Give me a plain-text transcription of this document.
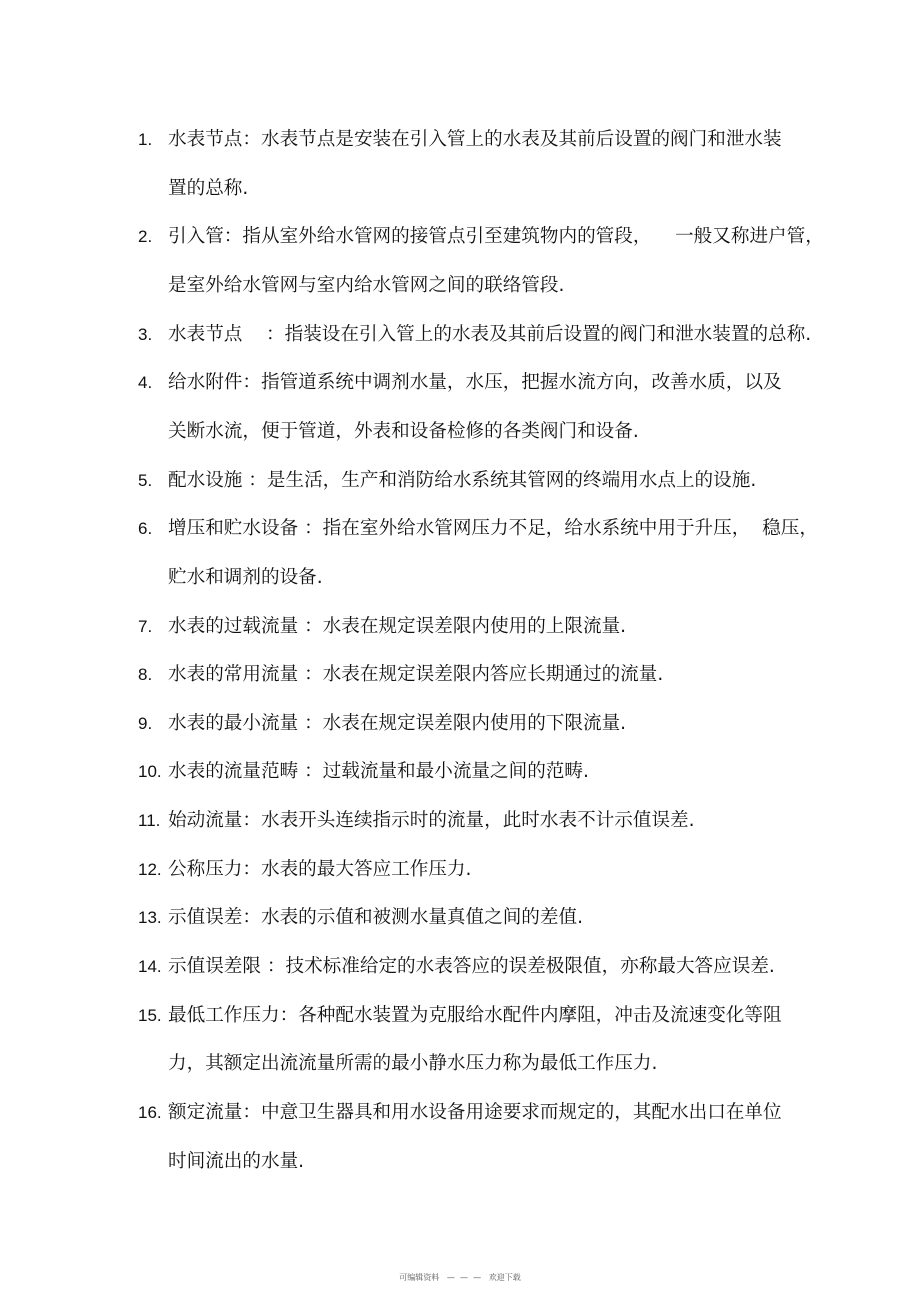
1. 水表节点：水表节点是安装在引入管上的水表及其前后设置的阀门和泄水装
置的总称.
2. 引入管：指从室外给水管网的接管点引至建筑物内的管段，    一般又称进户管，
是室外给水管网与室内给水管网之间的联络管段.
3. 水表节点    ：指装设在引入管上的水表及其前后设置的阀门和泄水装置的总称.
4. 给水附件：指管道系统中调剂水量，水压，把握水流方向，改善水质，以及
关断水流，便于管道，外表和设备检修的各类阀门和设备.
5. 配水设施 ：是生活，生产和消防给水系统其管网的终端用水点上的设施.
6. 增压和贮水设备 ：指在室外给水管网压力不足，给水系统中用于升压，  稳压，
贮水和调剂的设备.
7. 水表的过载流量 ：水表在规定误差限内使用的上限流量.
8. 水表的常用流量 ：水表在规定误差限内答应长期通过的流量.
9. 水表的最小流量 ：水表在规定误差限内使用的下限流量.
10. 水表的流量范畴 ：过载流量和最小流量之间的范畴.
11. 始动流量：水表开头连续指示时的流量，此时水表不计示值误差.
12. 公称压力：水表的最大答应工作压力.
13. 示值误差：水表的示值和被测水量真值之间的差值.
14. 示值误差限 ：技术标准给定的水表答应的误差极限值，亦称最大答应误差.
15. 最低工作压力：各种配水装置为克服给水配件内摩阻，冲击及流速变化等阻
力，其额定出流流量所需的最小静水压力称为最低工作压力.
16. 额定流量：中意卫生器具和用水设备用途要求而规定的，其配水出口在单位
时间流出的水量.
可编辑资料   —  —  —   欢迎下载
